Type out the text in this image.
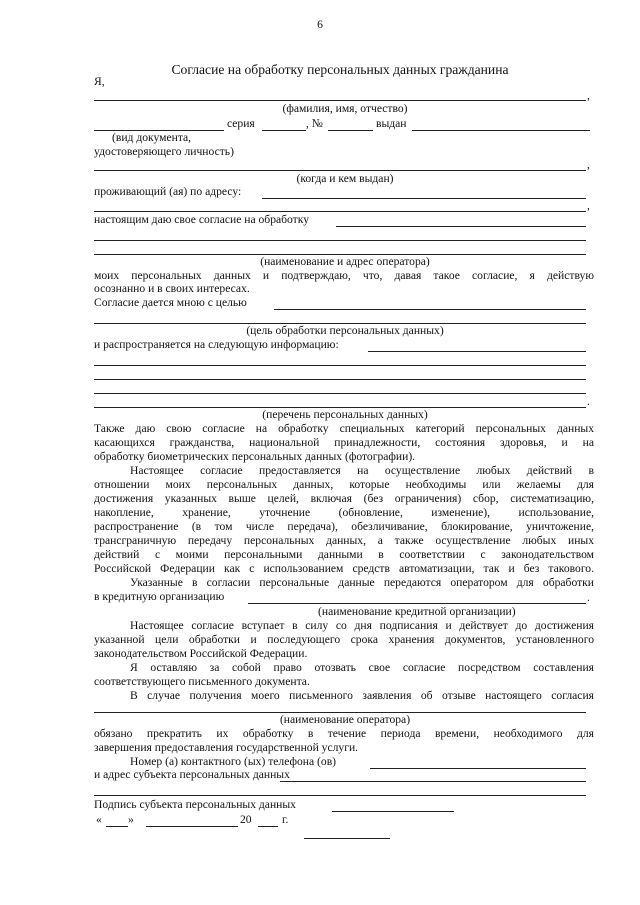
6
Согласие на обработку персональных данных гражданина
Я,
,
(фамилия, имя, отчество)
серия	, №	выдан
(вид документа,
удостоверяющего личность)
,
(когда и кем выдан)
проживающий (ая) по адресу:
,
настоящим даю свое согласие на обработку
(наименование и адрес оператора)
моих персональных данных и подтверждаю, что, давая такое согласие, я действую
осознанно и в своих интересах.
Согласие дается мною с целью
(цель обработки персональных данных)
и распространяется на следующую информацию:
.
(перечень персональных данных)
Также даю свою согласие на обработку специальных категорий персональных данных
касающихся гражданства, национальной принадлежности, состояния здоровья, и на
обработку биометрических персональных данных (фотографии).
Настоящее согласие предоставляется на осуществление любых действий в
отношении моих персональных данных, которые необходимы или желаемы для
достижения указанных выше целей, включая (без ограничения) сбор, систематизацию,
накопление, хранение, уточнение (обновление, изменение), использование,
распространение (в том числе передача), обезличивание, блокирование, уничтожение,
трансграничную передачу персональных данных, а также осуществление любых иных
действий с моими персональными данными в соответствии с законодательством
Российской Федерации как с использованием средств автоматизации, так и без такового.
Указанные в согласии персональные данные передаются оператором для обработки
в кредитную организацию	.
(наименование кредитной организации)
Настоящее согласие вступает в силу со дня подписания и действует до достижения
указанной цели обработки и последующего срока хранения документов, установленного
законодательством Российской Федерации.
Я оставляю за собой право отозвать свое согласие посредством составления
соответствующего письменного документа.
В случае получения моего письменного заявления об отзыве настоящего согласия
(наименование оператора)
обязано прекратить их обработку в течение периода времени, необходимого для
завершения предоставления государственной услуги.
Номер (а) контактного (ых) телефона (ов)
и адрес субъекта персональных данных
Подпись субъекта персональных данных
« »	20	г.
